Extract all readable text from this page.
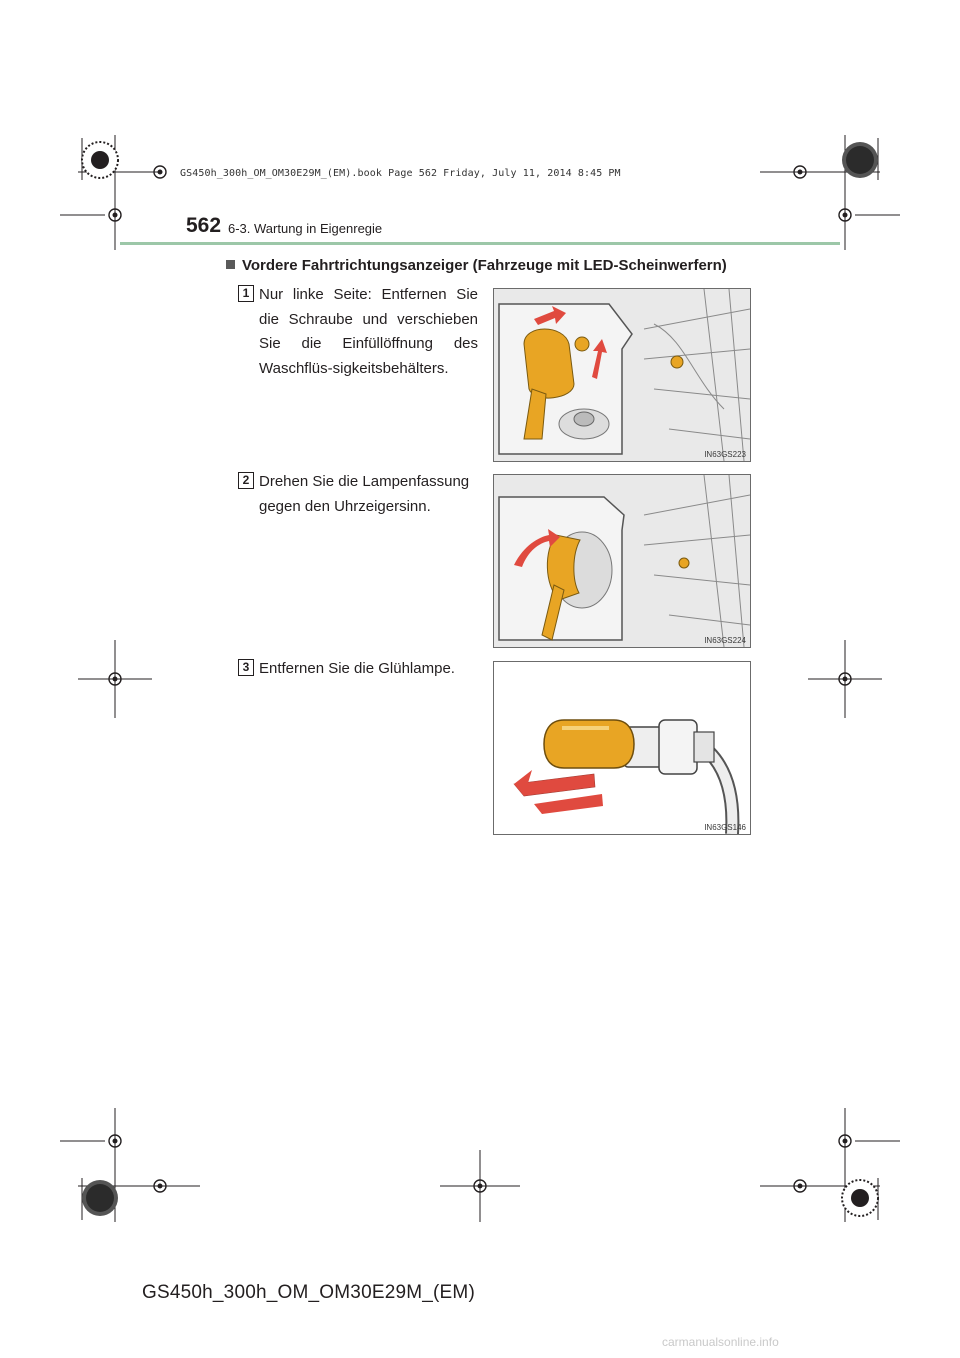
GS450h_300h_OM_OM30E29M_(EM).book Page 562 Friday, July 11, 2014 8:45 PM
562 6-3. Wartung in Eigenregie
Vordere Fahrtrichtungsanzeiger (Fahrzeuge mit LED-Scheinwerfern)
1 Nur linke Seite: Entfernen Sie die Schraube und verschieben Sie die Einfüllöffnung des Waschflüs-sigkeitsbehälters.
IN63GS223
2 Drehen Sie die Lampenfassung gegen den Uhrzeigersinn.
IN63GS224
3 Entfernen Sie die Glühlampe.
IN63GS146
GS450h_300h_OM_OM30E29M_(EM)
carmanualsonline.info
